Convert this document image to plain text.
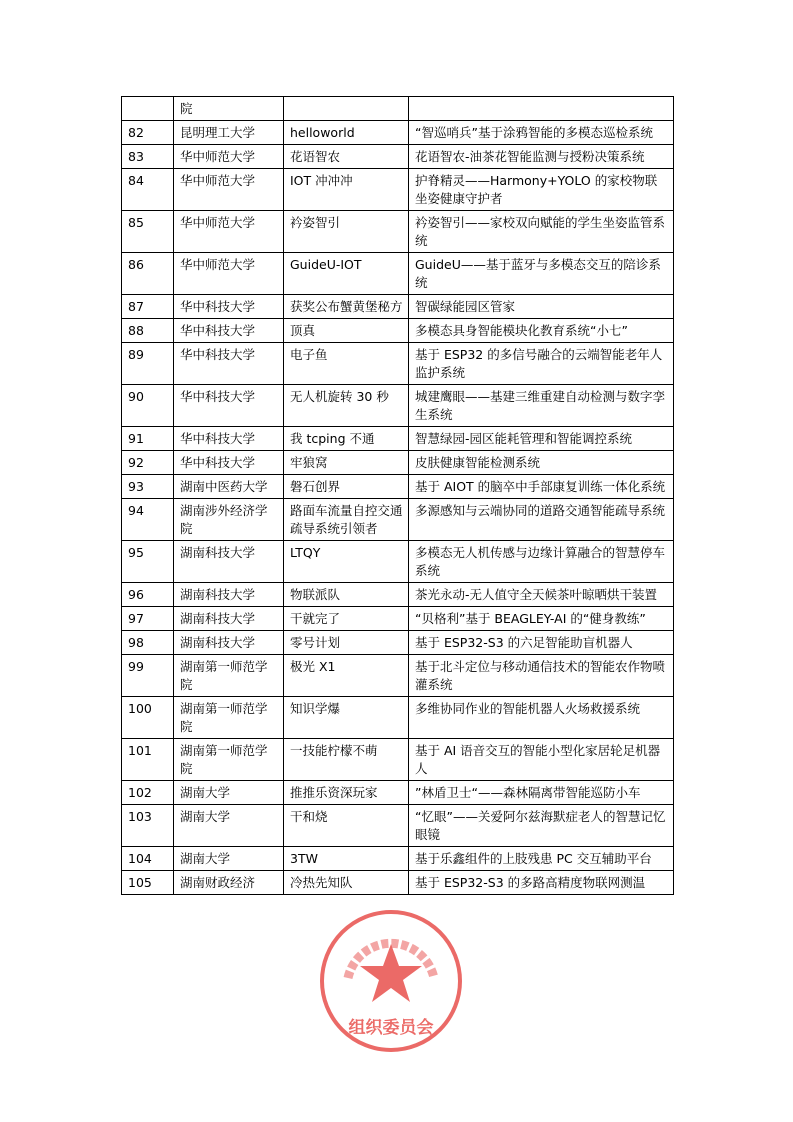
	院		
82	昆明理工大学	helloworld	“智巡哨兵”基于涂鸦智能的多模态巡检系统
83	华中师范大学	花语智农	花语智农-油茶花智能监测与授粉决策系统
84	华中师范大学	IOT 冲冲冲	护脊精灵——Harmony+YOLO 的家校物联坐姿健康守护者
85	华中师范大学	衿姿智引	衿姿智引——家校双向赋能的学生坐姿监管系统
86	华中师范大学	GuideU-IOT	GuideU——基于蓝牙与多模态交互的陪诊系统
87	华中科技大学	获奖公布蟹黄堡秘方	智碳绿能园区管家
88	华中科技大学	顶真	多模态具身智能模块化教育系统“小七”
89	华中科技大学	电子鱼	基于 ESP32 的多信号融合的云端智能老年人监护系统
90	华中科技大学	无人机旋转 30 秒	城建鹰眼——基建三维重建自动检测与数字孪生系统
91	华中科技大学	我 tcping 不通	智慧绿园-园区能耗管理和智能调控系统
92	华中科技大学	牢狼窝	皮肤健康智能检测系统
93	湖南中医药大学	磐石创界	基于 AIOT 的脑卒中手部康复训练一体化系统
94	湖南涉外经济学院	路面车流量自控交通疏导系统引领者	多源感知与云端协同的道路交通智能疏导系统
95	湖南科技大学	LTQY	多模态无人机传感与边缘计算融合的智慧停车系统
96	湖南科技大学	物联派队	茶光永动-无人值守全天候茶叶晾晒烘干装置
97	湖南科技大学	干就完了	“贝格利”基于 BEAGLEY-AI 的“健身教练”
98	湖南科技大学	零号计划	基于 ESP32-S3 的六足智能助盲机器人
99	湖南第一师范学院	极光 X1	基于北斗定位与移动通信技术的智能农作物喷灌系统
100	湖南第一师范学院	知识学爆	多维协同作业的智能机器人火场救援系统
101	湖南第一师范学院	一技能柠檬不萌	基于 AI 语音交互的智能小型化家居轮足机器人
102	湖南大学	推推乐资深玩家	”林盾卫士“——森林隔离带智能巡防小车
103	湖南大学	干和烧	“忆眼”——关爱阿尔兹海默症老人的智慧记忆眼镜
104	湖南大学	3TW	基于乐鑫组件的上肢残患 PC 交互辅助平台
105	湖南财政经济	冷热先知队	基于 ESP32-S3 的多路高精度物联网测温
组织委员会
